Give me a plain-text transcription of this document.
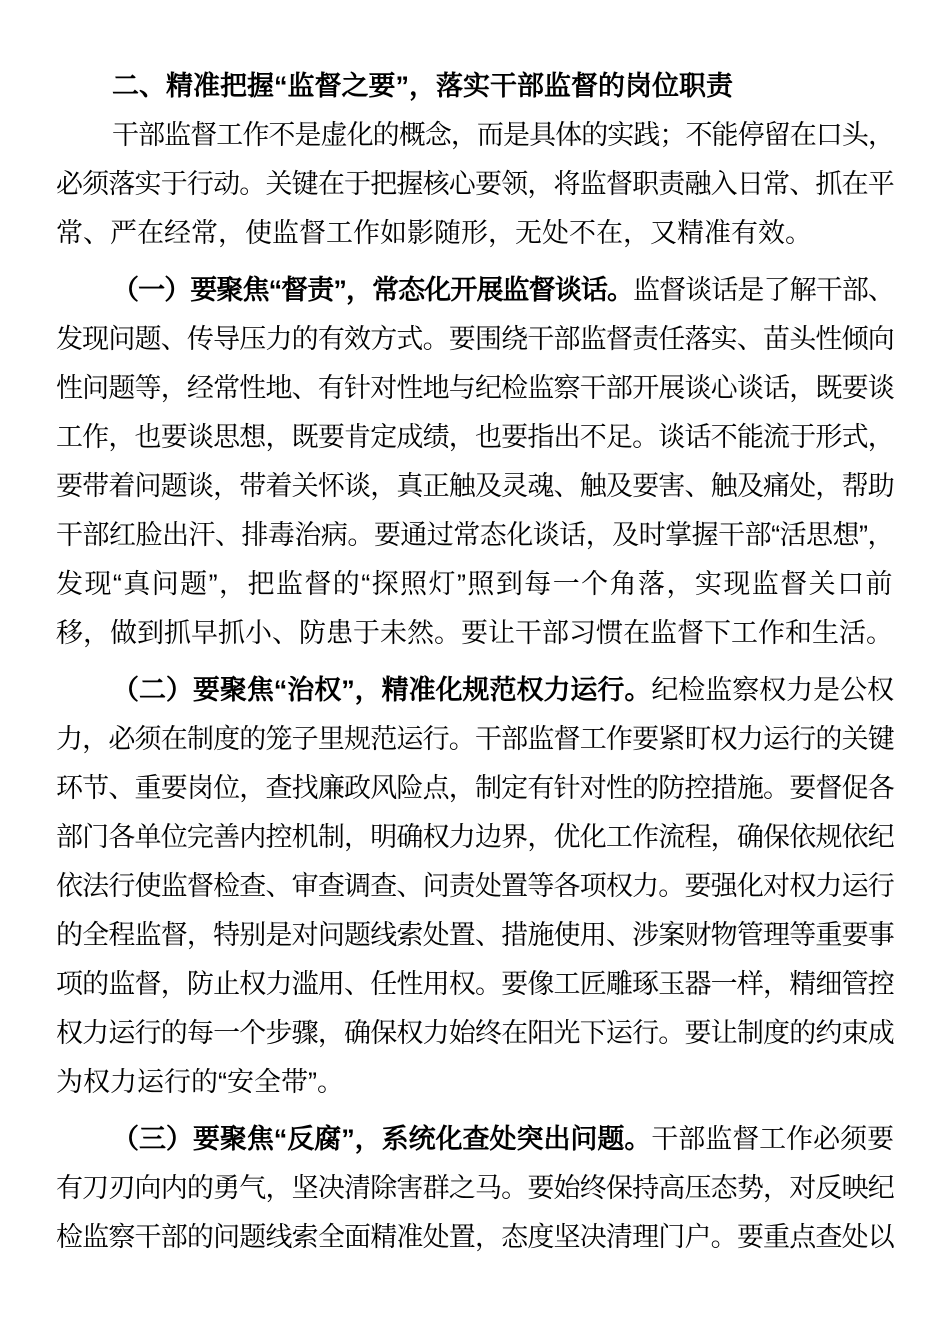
二、精准把握“监督之要”，落实干部监督的岗位职责
干部监督工作不是虚化的概念，而是具体的实践；不能停留在口头，
必须落实于行动。关键在于把握核心要领，将监督职责融入日常、抓在平
常、严在经常，使监督工作如影随形，无处不在，又精准有效。
（一）要聚焦“督责”，常态化开展监督谈话。监督谈话是了解干部、
发现问题、传导压力的有效方式。要围绕干部监督责任落实、苗头性倾向
性问题等，经常性地、有针对性地与纪检监察干部开展谈心谈话，既要谈
工作，也要谈思想，既要肯定成绩，也要指出不足。谈话不能流于形式，
要带着问题谈，带着关怀谈，真正触及灵魂、触及要害、触及痛处，帮助
干部红脸出汗、排毒治病。要通过常态化谈话，及时掌握干部“活思想”，
发现“真问题”，把监督的“探照灯”照到每一个角落，实现监督关口前
移，做到抓早抓小、防患于未然。要让干部习惯在监督下工作和生活。
（二）要聚焦“治权”，精准化规范权力运行。纪检监察权力是公权
力，必须在制度的笼子里规范运行。干部监督工作要紧盯权力运行的关键
环节、重要岗位，查找廉政风险点，制定有针对性的防控措施。要督促各
部门各单位完善内控机制，明确权力边界，优化工作流程，确保依规依纪
依法行使监督检查、审查调查、问责处置等各项权力。要强化对权力运行
的全程监督，特别是对问题线索处置、措施使用、涉案财物管理等重要事
项的监督，防止权力滥用、任性用权。要像工匠雕琢玉器一样，精细管控
权力运行的每一个步骤，确保权力始终在阳光下运行。要让制度的约束成
为权力运行的“安全带”。
（三）要聚焦“反腐”，系统化查处突出问题。干部监督工作必须要
有刀刃向内的勇气，坚决清除害群之马。要始终保持高压态势，对反映纪
检监察干部的问题线索全面精准处置，态度坚决清理门户。要重点查处以
